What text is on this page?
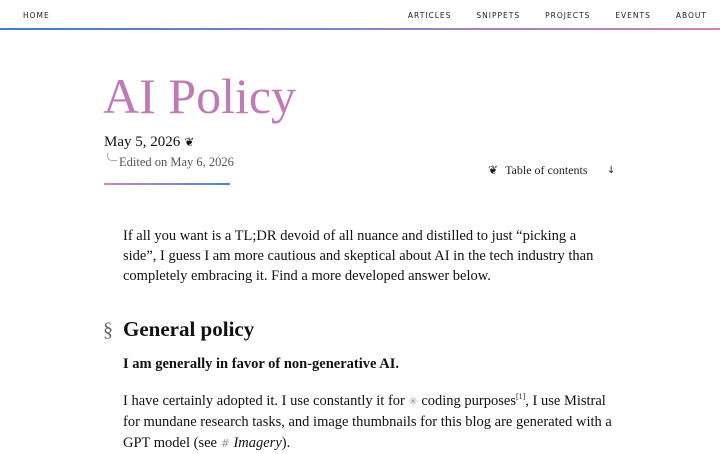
HOME	ARTICLES	SNIPPETS	PROJECTS	EVENTS	ABOUT
AI Policy
May 5, 2026 ❦
Edited on May 6, 2026
❦ Table of contents ↓

If all you want is a TL;DR devoid of all nuance and distilled to just “picking a side”, I guess I am more cautious and skeptical about AI in the tech industry than completely embracing it. Find a more developed answer below.

§ General policy

I am generally in favor of non-generative AI.

I have certainly adopted it. I use constantly it for ✳ coding purposes[1], I use Mistral for mundane research tasks, and image thumbnails for this blog are generated with a GPT model (see # Imagery).
